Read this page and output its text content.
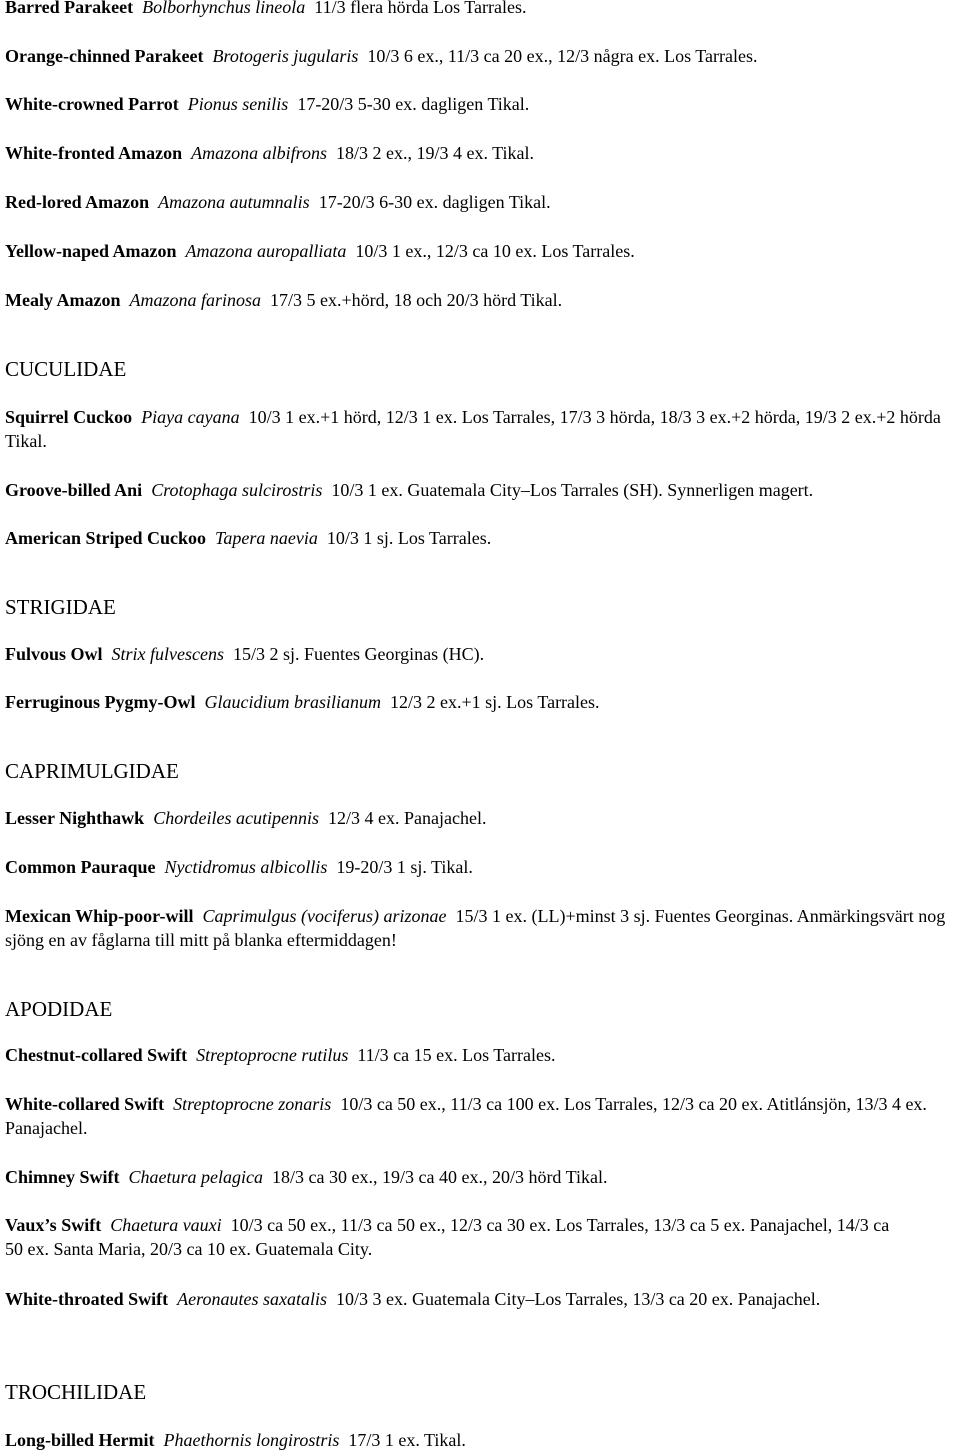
Barred Parakeet Bolborhynchus lineola 11/3 flera hörda Los Tarrales.
Orange-chinned Parakeet Brotogeris jugularis 10/3 6 ex., 11/3 ca 20 ex., 12/3 några ex. Los Tarrales.
White-crowned Parrot Pionus senilis 17-20/3 5-30 ex. dagligen Tikal.
White-fronted Amazon Amazona albifrons 18/3 2 ex., 19/3 4 ex. Tikal.
Red-lored Amazon Amazona autumnalis 17-20/3 6-30 ex. dagligen Tikal.
Yellow-naped Amazon Amazona auropalliata 10/3 1 ex., 12/3 ca 10 ex. Los Tarrales.
Mealy Amazon Amazona farinosa 17/3 5 ex.+hörd, 18 och 20/3 hörd Tikal.
CUCULIDAE
Squirrel Cuckoo Piaya cayana 10/3 1 ex.+1 hörd, 12/3 1 ex. Los Tarrales, 17/3 3 hörda, 18/3 3 ex.+2 hörda, 19/3 2 ex.+2 hörda Tikal.
Groove-billed Ani Crotophaga sulcirostris 10/3 1 ex. Guatemala City–Los Tarrales (SH). Synnerligen magert.
American Striped Cuckoo Tapera naevia 10/3 1 sj. Los Tarrales.
STRIGIDAE
Fulvous Owl Strix fulvescens 15/3 2 sj. Fuentes Georginas (HC).
Ferruginous Pygmy-Owl Glaucidium brasilianum 12/3 2 ex.+1 sj. Los Tarrales.
CAPRIMULGIDAE
Lesser Nighthawk Chordeiles acutipennis 12/3 4 ex. Panajachel.
Common Pauraque Nyctidromus albicollis 19-20/3 1 sj. Tikal.
Mexican Whip-poor-will Caprimulgus (vociferus) arizonae 15/3 1 ex. (LL)+minst 3 sj. Fuentes Georginas. Anmärkingsvärt nog sjöng en av fåglarna till mitt på blanka eftermiddagen!
APODIDAE
Chestnut-collared Swift Streptoprocne rutilus 11/3 ca 15 ex. Los Tarrales.
White-collared Swift Streptoprocne zonaris 10/3 ca 50 ex., 11/3 ca 100 ex. Los Tarrales, 12/3 ca 20 ex. Atitlánsjön, 13/3 4 ex. Panajachel.
Chimney Swift Chaetura pelagica 18/3 ca 30 ex., 19/3 ca 40 ex., 20/3 hörd Tikal.
Vaux’s Swift Chaetura vauxi 10/3 ca 50 ex., 11/3 ca 50 ex., 12/3 ca 30 ex. Los Tarrales, 13/3 ca 5 ex. Panajachel, 14/3 ca 50 ex. Santa Maria, 20/3 ca 10 ex. Guatemala City.
White-throated Swift Aeronautes saxatalis 10/3 3 ex. Guatemala City–Los Tarrales, 13/3 ca 20 ex. Panajachel.
TROCHILIDAE
Long-billed Hermit Phaethornis longirostris 17/3 1 ex. Tikal.
